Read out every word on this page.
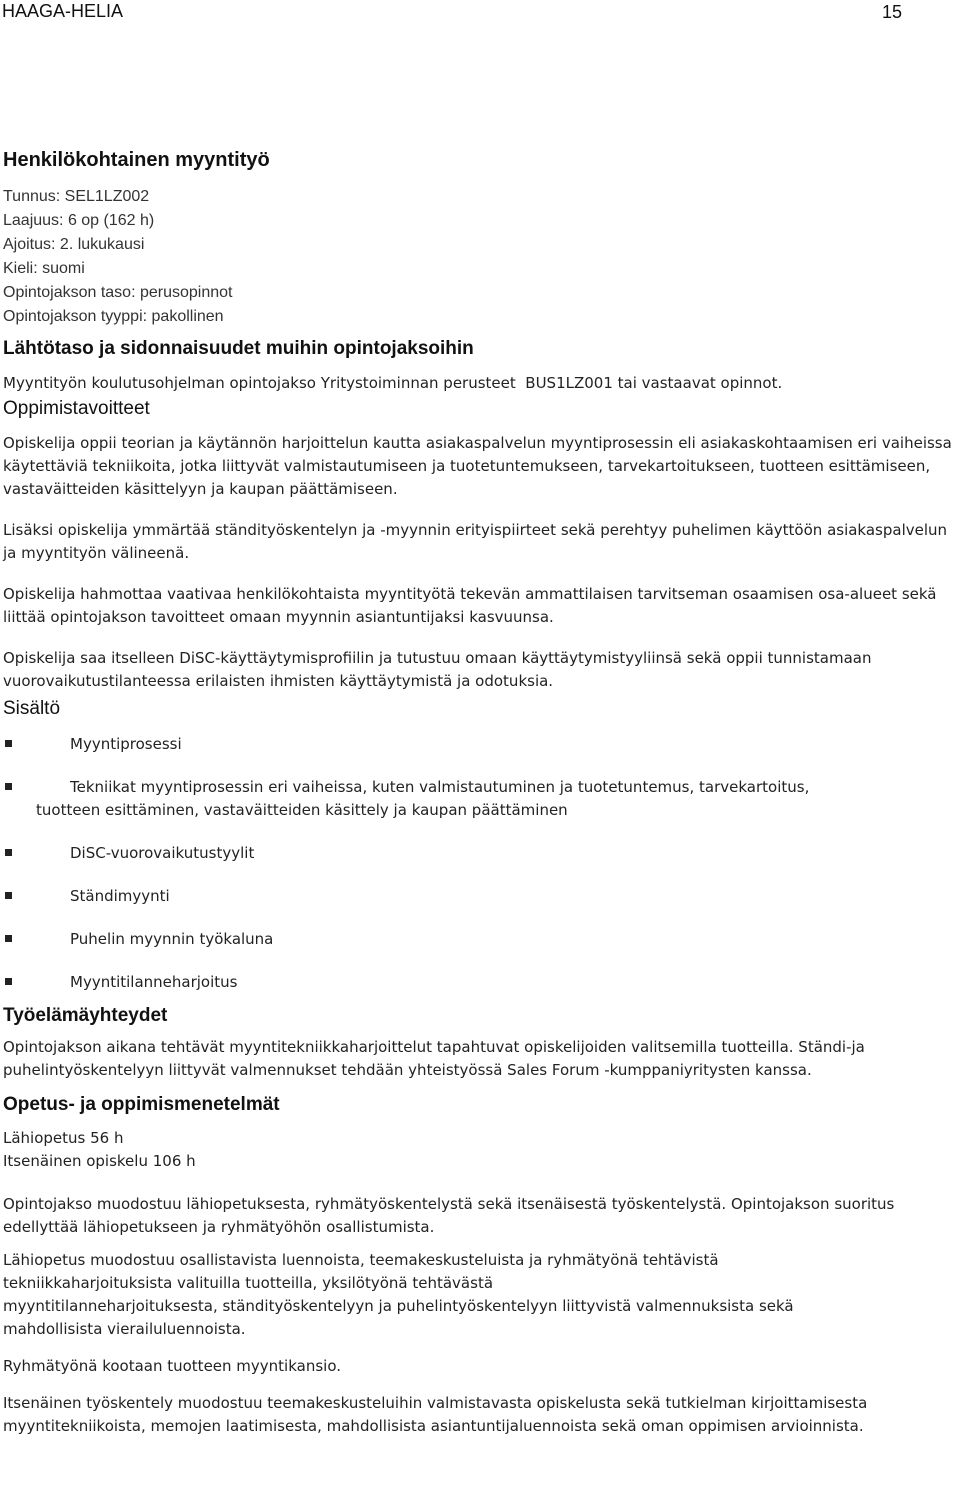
HAAGA-HELIA	15
Henkilökohtainen myyntityö
Tunnus: SEL1LZ002
Laajuus: 6 op (162 h)
Ajoitus: 2. lukukausi
Kieli: suomi
Opintojakson taso: perusopinnot
Opintojakson tyyppi: pakollinen
Lähtötaso ja sidonnaisuudet muihin opintojaksoihin

Myyntityön koulutusohjelman opintojakso Yritystoiminnan perusteet  BUS1LZ001 tai vastaavat opinnot.

Oppimistavoitteet

Opiskelija oppii teorian ja käytännön harjoittelun kautta asiakaspalvelun myyntiprosessin eli asiakaskohtaamisen eri vaiheissa käytettäviä tekniikoita, jotka liittyvät valmistautumiseen ja tuotetuntemukseen, tarvekartoitukseen, tuotteen esittämiseen, vastaväitteiden käsittelyyn ja kaupan päättämiseen.

Lisäksi opiskelija ymmärtää ständityöskentelyn ja -myynnin erityispiirteet sekä perehtyy puhelimen käyttöön asiakaspalvelun ja myyntityön välineenä.

Opiskelija hahmottaa vaativaa henkilökohtaista myyntityötä tekevän ammattilaisen tarvitseman osaamisen osa-alueet sekä liittää opintojakson tavoitteet omaan myynnin asiantuntijaksi kasvuunsa.

Opiskelija saa itselleen DiSC-käyttäytymisprofiilin ja tutustuu omaan käyttäytymistyyliinsä sekä oppii tunnistamaan vuorovaikutustilanteessa erilaisten ihmisten käyttäytymistä ja odotuksia.

Sisältö
Myyntiprosessi
Tekniikat myyntiprosessin eri vaiheissa, kuten valmistautuminen ja tuotetuntemus, tarvekartoitus,
tuotteen esittäminen, vastaväitteiden käsittely ja kaupan päättäminen
DiSC-vuorovaikutustyylit
Ständimyynti
Puhelin myynnin työkaluna
Myyntitilanneharjoitus
Työelämäyhteydet

Opintojakson aikana tehtävät myyntitekniikkaharjoittelut tapahtuvat opiskelijoiden valitsemilla tuotteilla. Ständi-ja puhelintyöskentelyyn liittyvät valmennukset tehdään yhteistyössä Sales Forum -kumppaniyritysten kanssa.

Opetus- ja oppimismenetelmät
Lähiopetus 56 h
Itsenäinen opiskelu 106 h

Opintojakso muodostuu lähiopetuksesta, ryhmätyöskentelystä sekä itsenäisestä työskentelystä. Opintojakson suoritus edellyttää lähiopetukseen ja ryhmätyöhön osallistumista.

Lähiopetus muodostuu osallistavista luennoista, teemakeskusteluista ja ryhmätyönä tehtävistä
tekniikkaharjoituksista valituilla tuotteilla, yksilötyönä tehtävästä
myyntitilanneharjoituksesta, ständityöskentelyyn ja puhelintyöskentelyyn liittyvistä valmennuksista sekä
mahdollisista vierailuluennoista.

Ryhmätyönä kootaan tuotteen myyntikansio.

Itsenäinen työskentely muodostuu teemakeskusteluihin valmistavasta opiskelusta sekä tutkielman kirjoittamisesta myyntitekniikoista, memojen laatimisesta, mahdollisista asiantuntijaluennoista sekä oman oppimisen arvioinnista.
